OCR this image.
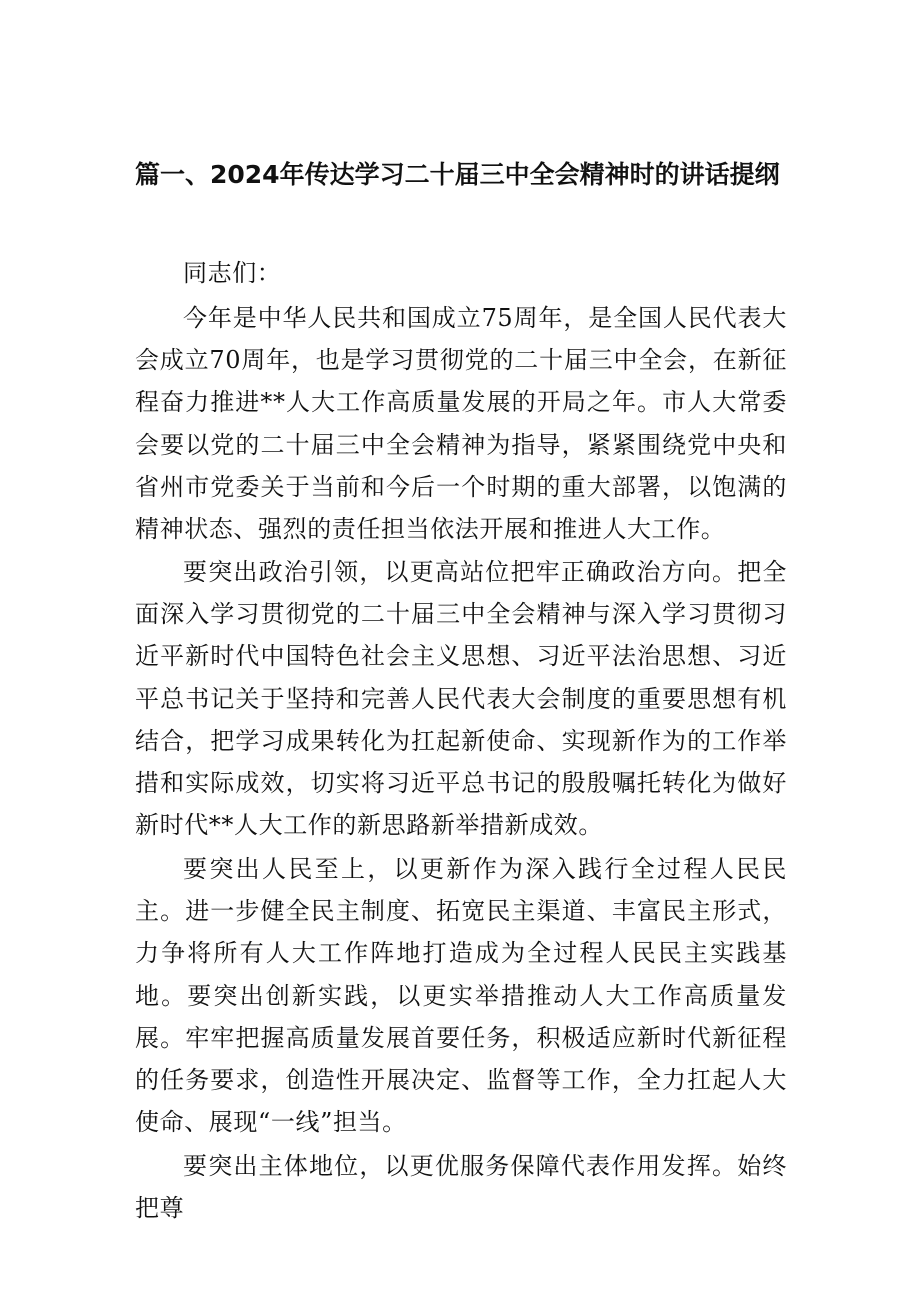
篇一、2024年传达学习二十届三中全会精神时的讲话提纲

同志们：

今年是中华人民共和国成立75周年，是全国人民代表大会成立70周年，也是学习贯彻党的二十届三中全会，在新征程奋力推进**人大工作高质量发展的开局之年。市人大常委会要以党的二十届三中全会精神为指导，紧紧围绕党中央和省州市党委关于当前和今后一个时期的重大部署，以饱满的精神状态、强烈的责任担当依法开展和推进人大工作。

要突出政治引领，以更高站位把牢正确政治方向。把全面深入学习贯彻党的二十届三中全会精神与深入学习贯彻习近平新时代中国特色社会主义思想、习近平法治思想、习近平总书记关于坚持和完善人民代表大会制度的重要思想有机结合，把学习成果转化为扛起新使命、实现新作为的工作举措和实际成效，切实将习近平总书记的殷殷嘱托转化为做好新时代**人大工作的新思路新举措新成效。

要突出人民至上，以更新作为深入践行全过程人民民主。进一步健全民主制度、拓宽民主渠道、丰富民主形式，力争将所有人大工作阵地打造成为全过程人民民主实践基地。要突出创新实践，以更实举措推动人大工作高质量发展。牢牢把握高质量发展首要任务，积极适应新时代新征程的任务要求，创造性开展决定、监督等工作，全力扛起人大使命、展现“一线”担当。

要突出主体地位，以更优服务保障代表作用发挥。始终把尊
